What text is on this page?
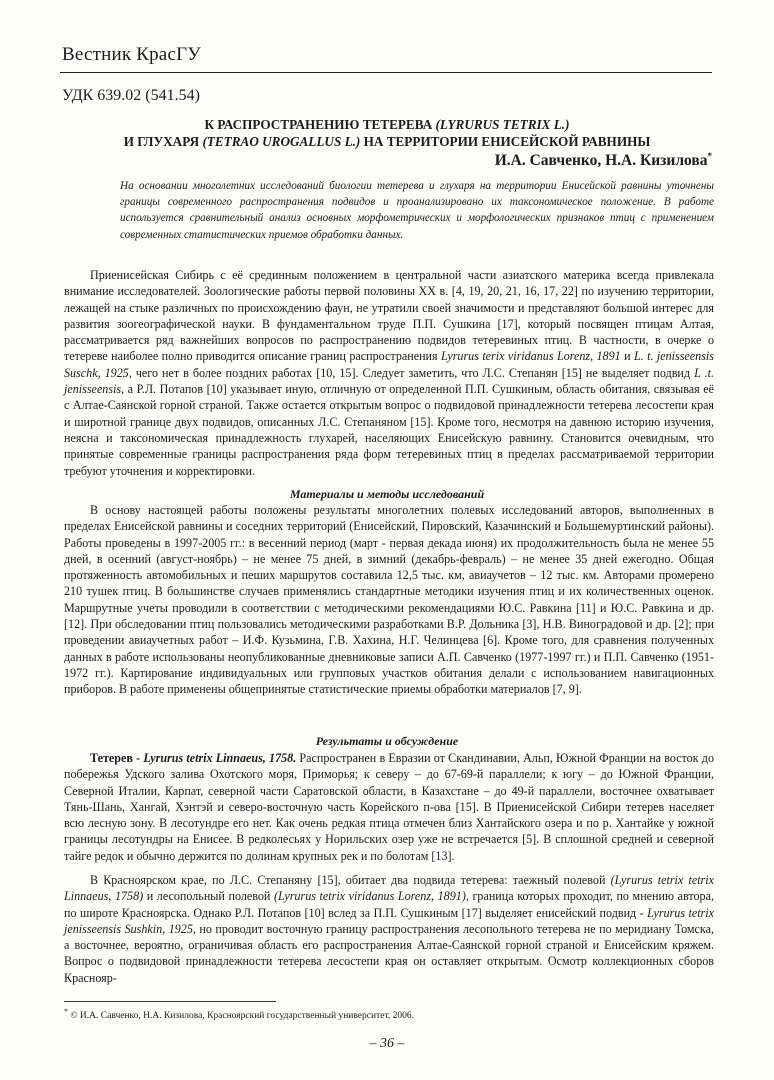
Вестник КрасГУ
УДК 639.02 (541.54)
К РАСПРОСТРАНЕНИЮ ТЕТЕРЕВА (LYRURUS TETRIX L.)
И ГЛУХАРЯ (TETRAO UROGALLUS L.) НА ТЕРРИТОРИИ ЕНИСЕЙСКОЙ РАВНИНЫ
И.А. Савченко, Н.А. Кизилова*

На основании многолетних исследований биологии тетерева и глухаря на территории Енисейской равнины уточнены границы современного распространения подвидов и проанализировано их таксономическое положение. В работе используется сравнительный анализ основных морфометрических и морфологических признаков птиц с применением современных статистических приемов обработки данных.

Приенисейская Сибирь с её срединным положением в центральной части азиатского материка всегда привлекала внимание исследователей. Зоологические работы первой половины XX в. [4, 19, 20, 21, 16, 17, 22] по изучению территории, лежащей на стыке различных по происхождению фаун, не утратили своей значимости и представляют большой интерес для развития зоогеографической науки. В фундаментальном труде П.П. Сушкина [17], который посвящен птицам Алтая, рассматривается ряд важнейших вопросов по распространению подвидов тетеревиных птиц. В частности, в очерке о тетереве наиболее полно приводится описание границ распространения Lyrurus terix viridanus Lorenz, 1891 и L. t. jenisseensis Suschk, 1925, чего нет в более поздних работах [10, 15]. Следует заметить, что Л.С. Степанян [15] не выделяет подвид L .t. jenisseensis, а Р.Л. Потапов [10] указывает иную, отличную от определенной П.П. Сушкиным, область обитания, связывая её с Алтае-Саянской горной страной. Также остается открытым вопрос о подвидовой принадлежности тетерева лесостепи края и широтной границе двух подвидов, описанных Л.С. Степаняном [15]. Кроме того, несмотря на давнюю историю изучения, неясна и таксономическая принадлежность глухарей, населяющих Енисейскую равнину. Становится очевидным, что принятые современные границы распространения ряда форм тетеревиных птиц в пределах рассматриваемой территории требуют уточнения и корректировки.

Материалы и методы исследований

В основу настоящей работы положены результаты многолетних полевых исследований авторов, выполненных в пределах Енисейской равнины и соседних территорий (Енисейский, Пировский, Казачинский и Большемуртинский районы). Работы проведены в 1997-2005 гг.: в весенний период (март - первая декада июня) их продолжительность была не менее 55 дней, в осенний (август-ноябрь) – не менее 75 дней, в зимний (декабрь-февраль) – не менее 35 дней ежегодно. Общая протяженность автомобильных и пеших маршрутов составила 12,5 тыс. км, авиаучетов – 12 тыс. км. Авторами промерено 210 тушек птиц. В большинстве случаев применялись стандартные методики изучения птиц и их количественных оценок. Маршрутные учеты проводили в соответствии с методическими рекомендациями Ю.С. Равкина [11] и Ю.С. Равкина и др. [12]. При обследовании птиц пользовались методическими разработками В.Р. Дольника [3], Н.В. Виноградовой и др. [2]; при проведении авиаучетных работ – И.Ф. Кузьмина, Г.В. Хахина, Н.Г. Челинцева [6]. Кроме того, для сравнения полученных данных в работе использованы неопубликованные дневниковые записи А.П. Савченко (1977-1997 гг.) и П.П. Савченко (1951-1972 гг.). Картирование индивидуальных или групповых участков обитания делали с использованием навигационных приборов. В работе применены общепринятые статистические приемы обработки материалов [7, 9].

Результаты и обсуждение

Тетерев - Lyrurus tetrix Linnaeus, 1758. Распространен в Евразии от Скандинавии, Альп, Южной Франции на восток до побережья Удского залива Охотского моря, Приморья; к северу – до 67-69-й параллели; к югу – до Южной Франции, Северной Италии, Карпат, северной части Саратовской области, в Казахстане – до 49-й параллели, восточнее охватывает Тянь-Шань, Хангай, Хэнтэй и северо-восточную часть Корейского п-ова [15]. В Приенисейской Сибири тетерев населяет всю лесную зону. В лесотундре его нет. Как очень редкая птица отмечен близ Хантайского озера и по р. Хантайке у южной границы лесотундры на Енисее. В редколесьях у Норильских озер уже не встречается [5]. В сплошной средней и северной тайге редок и обычно держится по долинам крупных рек и по болотам [13].

В Красноярском крае, по Л.С. Степаняну [15], обитает два подвида тетерева: таежный полевой (Lyrurus tetrix tetrix Linnaeus, 1758) и лесопольный полевой (Lyrurus tetrix viridanus Lorenz, 1891), граница которых проходит, по мнению автора, по широте Красноярска. Однако Р.Л. Потапов [10] вслед за П.П. Сушкиным [17] выделяет енисейский подвид - Lyrurus tetrix jenisseensis Sushkin, 1925, но проводит восточную границу распространения лесопольного тетерева не по меридиану Томска, а восточнее, вероятно, ограничивая область его распространения Алтае-Саянской горной страной и Енисейским кряжем. Вопрос о подвидовой принадлежности тетерева лесостепи края он оставляет открытым. Осмотр коллекционных сборов Краснояр-

* © И.А. Савченко, Н.А. Кизилова, Красноярский государственный университет, 2006.
– 36 –
